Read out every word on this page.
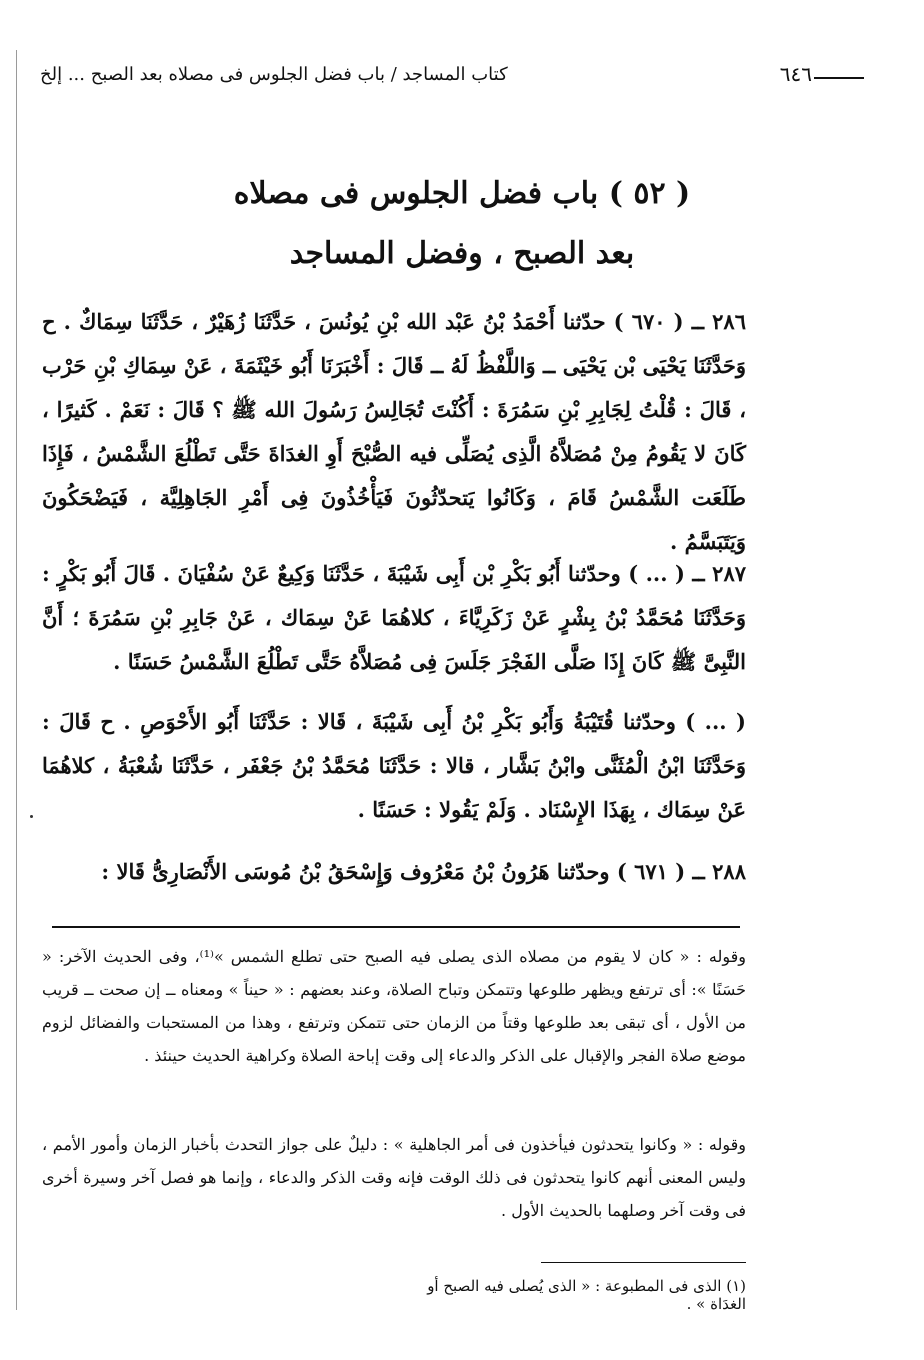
٦٤٦
كتاب المساجد / باب فضل الجلوس فى مصلاه بعد الصبح ... إلخ
( ٥٢ ) باب فضل الجلوس فى مصلاه
بعد الصبح ، وفضل المساجد

٢٨٦ ــ ( ٦٧٠ ) حدّثنا أَحْمَدُ بْنُ عَبْد الله بْنِ يُونُسَ ، حَدَّثَنَا زُهَيْرٌ ، حَدَّثَنَا سِمَاكٌ . ح وَحَدَّثَنَا يَحْيَى بْن يَحْيَى ــ وَاللَّفْظُ لَهُ ــ قَالَ : أَخْبَرَنَا أَبُو خَيْثَمَةَ ، عَنْ سِمَاكِ بْنِ حَرْب ، قَالَ : قُلْتُ لِجَابِرِ بْنِ سَمُرَةَ : أَكُنْتَ تُجَالِسُ رَسُولَ الله ﷺ ؟ قَالَ : نَعَمْ . كَثيرًا ، كَانَ لا يَقُومُ مِنْ مُصَلاَّهُ الَّذِى يُصَلِّى فيه الصُّبْحَ أَوِ الغدَاةَ حَتَّى تَطْلُعَ الشَّمْسُ ، فَإِذَا طَلَعَت الشَّمْسُ قَامَ ، وَكَانُوا يَتحدّثُونَ فَيَأْخُذُونَ فِى أَمْرِ الجَاهِلِيَّة ، فَيَضْحَكُونَ وَيَتَبَسَّمُ .

٢٨٧ ــ ( ... ) وحدّثنا أَبُو بَكْرِ بْن أَبِى شَيْبَةَ ، حَدَّثَنَا وَكِيعٌ عَنْ سُفْيَانَ . قَالَ أَبُو بَكْرٍ : وَحَدَّثَنَا مُحَمَّدُ بْنُ بِشْرٍ عَنْ زَكَرِيَّاءَ ، كلاهُمَا عَنْ سِمَاك ، عَنْ جَابِرِ بْنِ سَمُرَةَ ؛ أَنَّ النَّبِىَّ ﷺ كَانَ إِذَا صَلَّى الفَجْرَ جَلَسَ فِى مُصَلاَّهُ حَتَّى تَطْلُعَ الشَّمْسُ حَسَنًا .

( ... ) وحدّثنا قُتَيْبَةُ وَأَبُو بَكْرِ بْنُ أَبِى شَيْبَةَ ، قَالا : حَدَّثَنَا أَبُو الأَحْوَصِ . ح قَالَ : وَحَدَّثَنَا ابْنُ الْمُثَنَّى وابْنُ بَشَّار ، قالا : حَدَّثَنَا مُحَمَّدُ بْنُ جَعْفَر ، حَدَّثَنَا شُعْبَةُ ، كلاهُمَا عَنْ سِمَاك ، بِهَذَا الإِسْنَاد . وَلَمْ يَقُولا : حَسَنًا .

٢٨٨ ــ ( ٦٧١ ) وحدّثنا هَرُونُ بْنُ مَعْرُوف وَإِسْحَقُ بْنُ مُوسَى الأَنْصَارِىُّ قَالا :

وقوله : « كان لا يقوم من مصلاه الذى يصلى فيه الصبح حتى تطلع الشمس »⁽¹⁾، وفى الحديث الآخر: « حَسَنًا »: أى ترتفع ويظهر طلوعها وتتمكن وتباح الصلاة، وعند بعضهم : « حيناً » ومعناه ــ إن صحت ــ قريب من الأول ، أى تبقى بعد طلوعها وقتاً من الزمان حتى تتمكن وترتفع ، وهذا من المستحبات والفضائل لزوم موضع صلاة الفجر والإقبال على الذكر والدعاء إلى وقت إباحة الصلاة وكراهية الحديث حينئذ .

وقوله : « وكانوا يتحدثون فيأخذون فى أمر الجاهلية » : دليلٌ على جواز التحدث بأخبار الزمان وأمور الأمم ، وليس المعنى أنهم كانوا يتحدثون فى ذلك الوقت فإنه وقت الذكر والدعاء ، وإنما هو فصل آخر وسيرة أخرى فى وقت آخر وصلهما بالحديث الأول .

(١) الذى فى المطبوعة : « الذى يُصلى فيه الصبح أو الغدَاة » .
